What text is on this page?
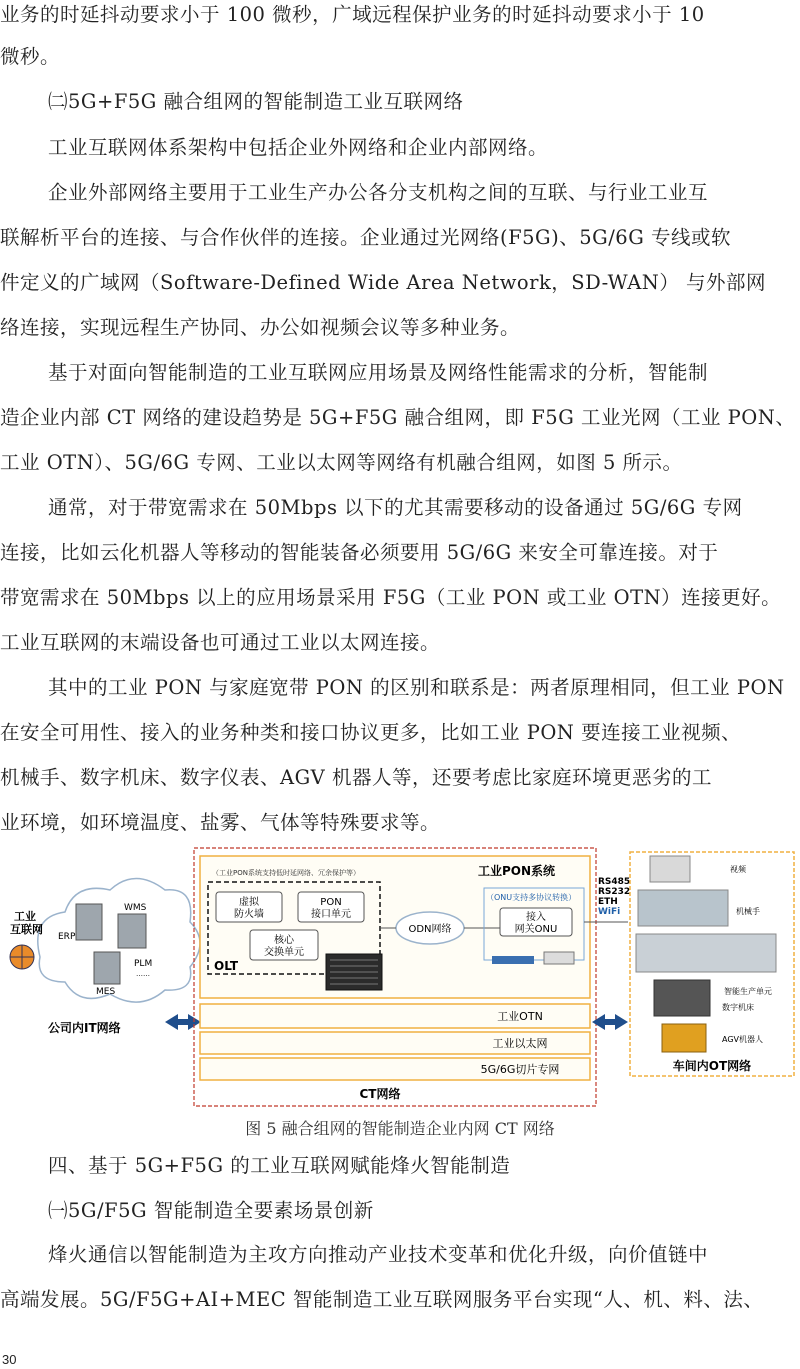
业务的时延抖动要求小于 100 微秒，广域远程保护业务的时延抖动要求小于 10
微秒。
㈡5G+F5G 融合组网的智能制造工业互联网络
工业互联网体系架构中包括企业外网络和企业内部网络。
企业外部网络主要用于工业生产办公各分支机构之间的互联、与行业工业互
联解析平台的连接、与合作伙伴的连接。企业通过光网络(F5G)、5G/6G 专线或软
件定义的广域网（Software-Defined Wide Area Network，SD-WAN） 与外部网
络连接，实现远程生产协同、办公如视频会议等多种业务。
基于对面向智能制造的工业互联网应用场景及网络性能需求的分析，智能制
造企业内部 CT 网络的建设趋势是 5G+F5G 融合组网，即 F5G 工业光网（工业 PON、
工业 OTN）、5G/6G 专网、工业以太网等网络有机融合组网，如图 5 所示。
通常，对于带宽需求在 50Mbps 以下的尤其需要移动的设备通过 5G/6G 专网
连接，比如云化机器人等移动的智能装备必须要用 5G/6G 来安全可靠连接。对于
带宽需求在 50Mbps 以上的应用场景采用 F5G（工业 PON 或工业 OTN）连接更好。
工业互联网的末端设备也可通过工业以太网连接。
其中的工业 PON 与家庭宽带 PON 的区别和联系是：两者原理相同，但工业 PON
在安全可用性、接入的业务种类和接口协议更多，比如工业 PON 要连接工业视频、
机械手、数字机床、数字仪表、AGV 机器人等，还要考虑比家庭环境更恶劣的工
业环境，如环境温度、盐雾、气体等特殊要求等。
工业互联网
ERP
WMS
PLM
……
MES
公司内IT网络
（工业PON系统支持低时延网络、冗余保护等）	工业PON系统
虚拟防火墙
PON 接口单元
核心交换单元
OLT
ODN网络
（ONU支持多协议转换）
接入网关ONU
RS485 RS232 ETH WiFi
工业OTN
工业以太网
5G/6G切片专网
CT网络
视频
机械手
智能生产单元
数字机床
AGV机器人
车间内OT网络
图 5 融合组网的智能制造企业内网 CT 网络
四、基于 5G+F5G 的工业互联网赋能烽火智能制造
㈠5G/F5G 智能制造全要素场景创新
烽火通信以智能制造为主攻方向推动产业技术变革和优化升级，向价值链中
高端发展。5G/F5G+AI+MEC 智能制造工业互联网服务平台实现“人、机、料、法、
30
